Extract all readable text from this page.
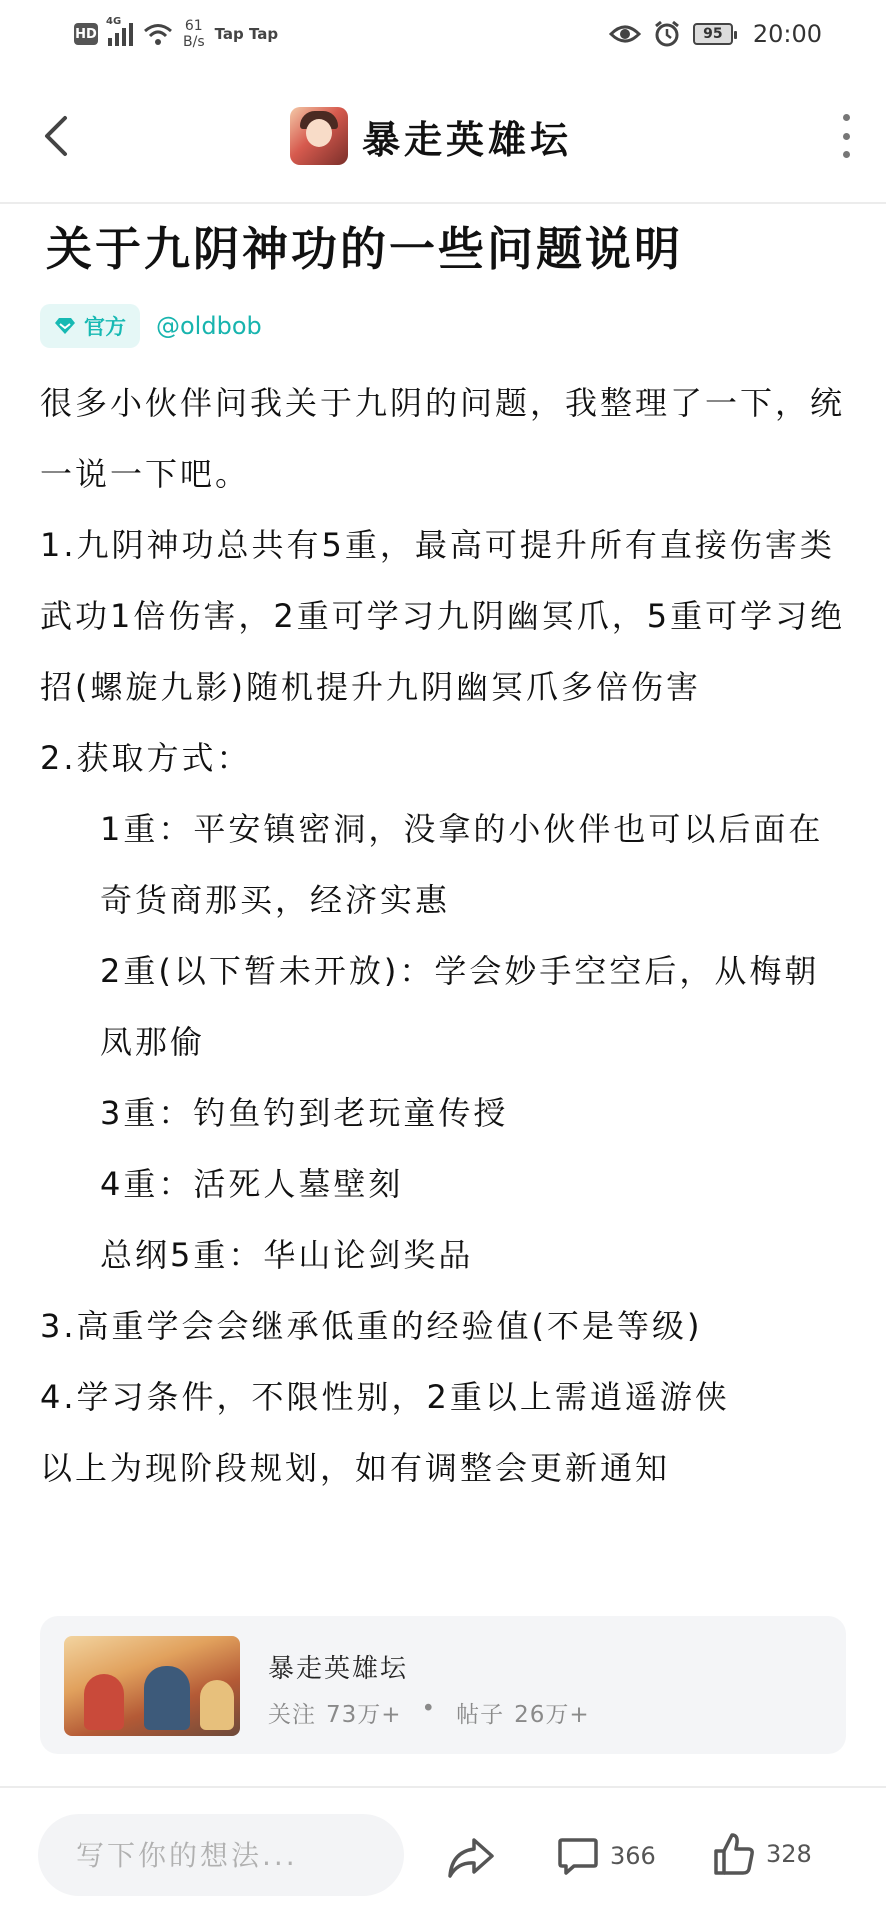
HD
4G	61
B/s Tap Tap	95 20:00
暴走英雄坛
关于九阴神功的一些问题说明
官方 @oldbob

很多小伙伴问我关于九阴的问题，我整理了一下，统一说一下吧。

1.九阴神功总共有5重，最高可提升所有直接伤害类武功1倍伤害，2重可学习九阴幽冥爪，5重可学习绝招(螺旋九影)随机提升九阴幽冥爪多倍伤害

2.获取方式：

1重：平安镇密洞，没拿的小伙伴也可以后面在奇货商那买，经济实惠

2重(以下暂未开放)：学会妙手空空后，从梅朝凤那偷

3重：钓鱼钓到老玩童传授

4重：活死人墓壁刻

总纲5重：华山论剑奖品

3.高重学会会继承低重的经验值(不是等级)

4.学习条件，不限性别，2重以上需逍遥游侠

以上为现阶段规划，如有调整会更新通知

暴走英雄坛
关注 73万+ • 帖子 26万+
写下你的想法...
366	328
